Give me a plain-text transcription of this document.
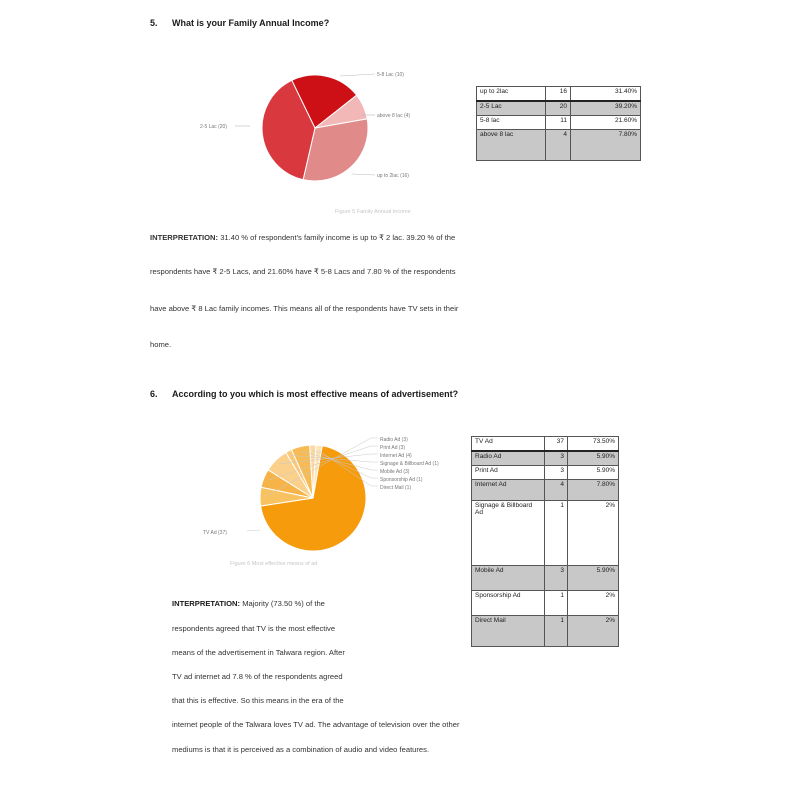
5. What is your Family Annual Income?
5-8 Lac (10)
above 8 lac (4)
up to 2lac (16)
2-5 Lac (20)
Figure 5 Family Annual Income
up to 2lac	16	31.40%
2-5 Lac	20	39.20%
5-8 lac	11	21.60%
above 8 lac	4	7.80%
INTERPRETATION: 31.40 % of respondent's family income is up to ₹ 2 lac. 39.20 % of the
respondents have ₹ 2-5 Lacs, and 21.60% have ₹ 5-8 Lacs and 7.80 % of the respondents
have above ₹ 8 Lac family incomes. This means all of the respondents have TV sets in their
home.
6. According to you which is most effective means of advertisement?
Radio Ad (3)
Print Ad (3)
Internet Ad (4)
Signage & Billboard Ad (1)
Mobile Ad (3)
Sponsorship Ad (1)
Direct Mail (1)
TV Ad (37)
Figure 6 Most effective means of ad
TV Ad	37	73.50%
Radio Ad	3	5.90%
Print Ad	3	5.90%
Internet Ad	4	7.80%
Signage & Billboard Ad	1	2%
Mobile Ad	3	5.90%
Sponsorship Ad	1	2%
Direct Mail	1	2%
INTERPRETATION: Majority (73.50 %) of the
respondents agreed that TV is the most effective
means of the advertisement in Talwara region. After
TV ad internet ad 7.8 % of the respondents agreed
that this is effective. So this means in the era of the
internet people of the Talwara loves TV ad. The advantage of television over the other
mediums is that it is perceived as a combination of audio and video features.
